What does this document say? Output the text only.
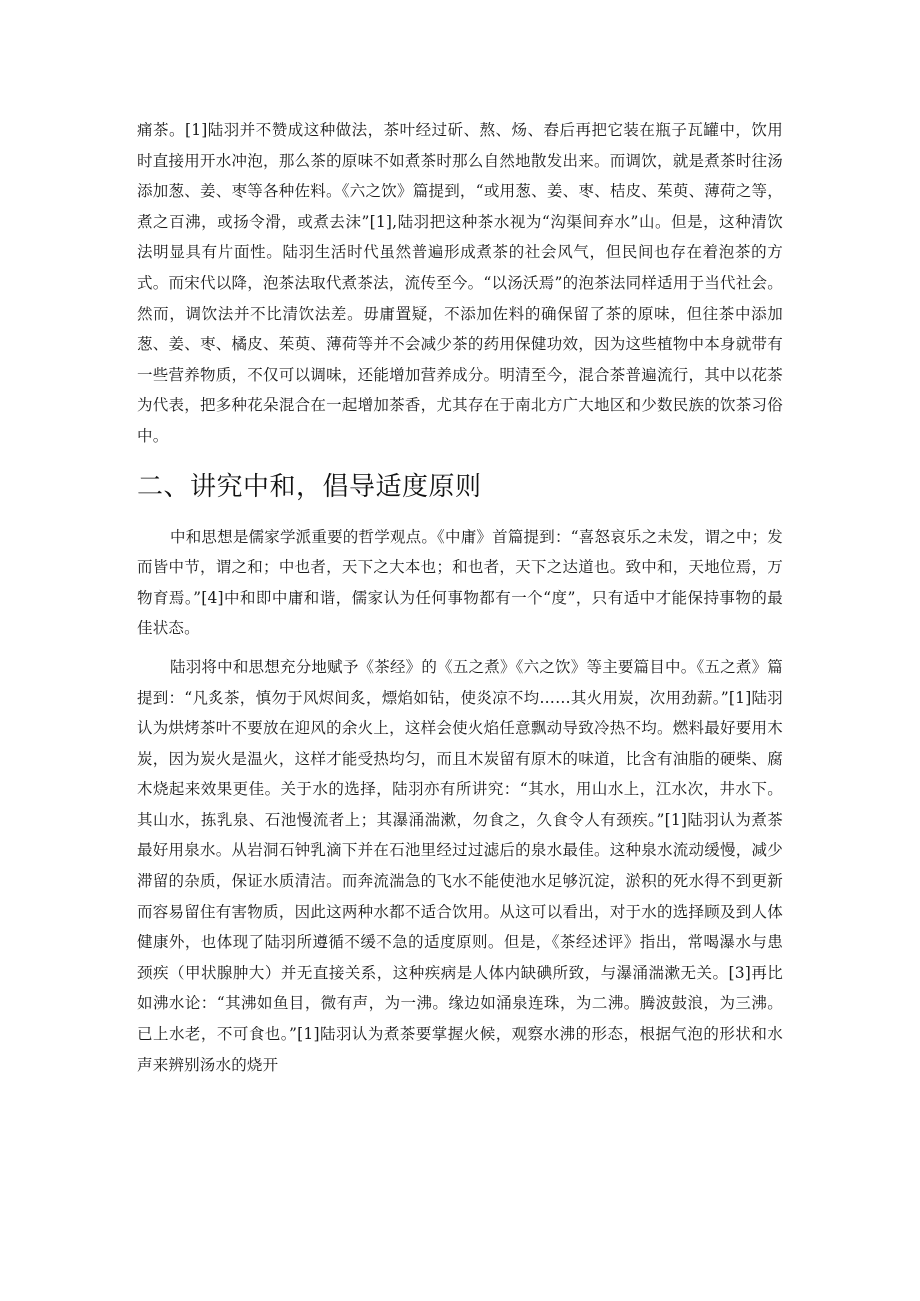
痛茶。[1]陆羽并不赞成这种做法，茶叶经过斫、熬、炀、舂后再把它装在瓶子瓦罐中，饮用时直接用开水冲泡，那么茶的原味不如煮茶时那么自然地散发出来。而调饮，就是煮茶时往汤添加葱、姜、枣等各种佐料。《六之饮》篇提到，“或用葱、姜、枣、桔皮、茱萸、薄荷之等，煮之百沸，或扬令滑，或煮去沫”[1],陆羽把这种茶水视为“沟渠间弃水”山。但是，这种清饮法明显具有片面性。陆羽生活时代虽然普遍形成煮茶的社会风气，但民间也存在着泡茶的方式。而宋代以降，泡茶法取代煮茶法，流传至今。“以汤沃焉”的泡茶法同样适用于当代社会。然而，调饮法并不比清饮法差。毋庸置疑，不添加佐料的确保留了茶的原味，但往茶中添加葱、姜、枣、橘皮、茱萸、薄荷等并不会减少茶的药用保健功效，因为这些植物中本身就带有一些营养物质，不仅可以调味，还能增加营养成分。明清至今，混合茶普遍流行，其中以花茶为代表，把多种花朵混合在一起增加茶香，尤其存在于南北方广大地区和少数民族的饮茶习俗中。

二、讲究中和，倡导适度原则

中和思想是儒家学派重要的哲学观点。《中庸》首篇提到：“喜怒哀乐之未发，谓之中；发而皆中节，谓之和；中也者，天下之大本也；和也者，天下之达道也。致中和，天地位焉，万物育焉。”[4]中和即中庸和谐，儒家认为任何事物都有一个“度”，只有适中才能保持事物的最佳状态。

陆羽将中和思想充分地赋予《茶经》的《五之煮》《六之饮》等主要篇目中。《五之煮》篇提到：“凡炙茶，慎勿于风烬间炙，熛焰如钻，使炎凉不均……其火用炭，次用劲薪。”[1]陆羽认为烘烤茶叶不要放在迎风的余火上，这样会使火焰任意飘动导致冷热不均。燃料最好要用木炭，因为炭火是温火，这样才能受热均匀，而且木炭留有原木的味道，比含有油脂的硬柴、腐木烧起来效果更佳。关于水的选择，陆羽亦有所讲究：“其水，用山水上，江水次，井水下。其山水，拣乳泉、石池慢流者上；其瀑涌湍漱，勿食之，久食令人有颈疾。”[1]陆羽认为煮茶最好用泉水。从岩洞石钟乳滴下并在石池里经过过滤后的泉水最佳。这种泉水流动缓慢，减少滞留的杂质，保证水质清洁。而奔流湍急的飞水不能使池水足够沉淀，淤积的死水得不到更新而容易留住有害物质，因此这两种水都不适合饮用。从这可以看出，对于水的选择顾及到人体健康外，也体现了陆羽所遵循不缓不急的适度原则。但是，《茶经述评》指出，常喝瀑水与患颈疾（甲状腺肿大）并无直接关系，这种疾病是人体内缺碘所致，与瀑涌湍漱无关。[3]再比如沸水论：“其沸如鱼目，微有声，为一沸。缘边如涌泉连珠，为二沸。腾波鼓浪，为三沸。已上水老，不可食也。”[1]陆羽认为煮茶要掌握火候，观察水沸的形态，根据气泡的形状和水声来辨别汤水的烧开
